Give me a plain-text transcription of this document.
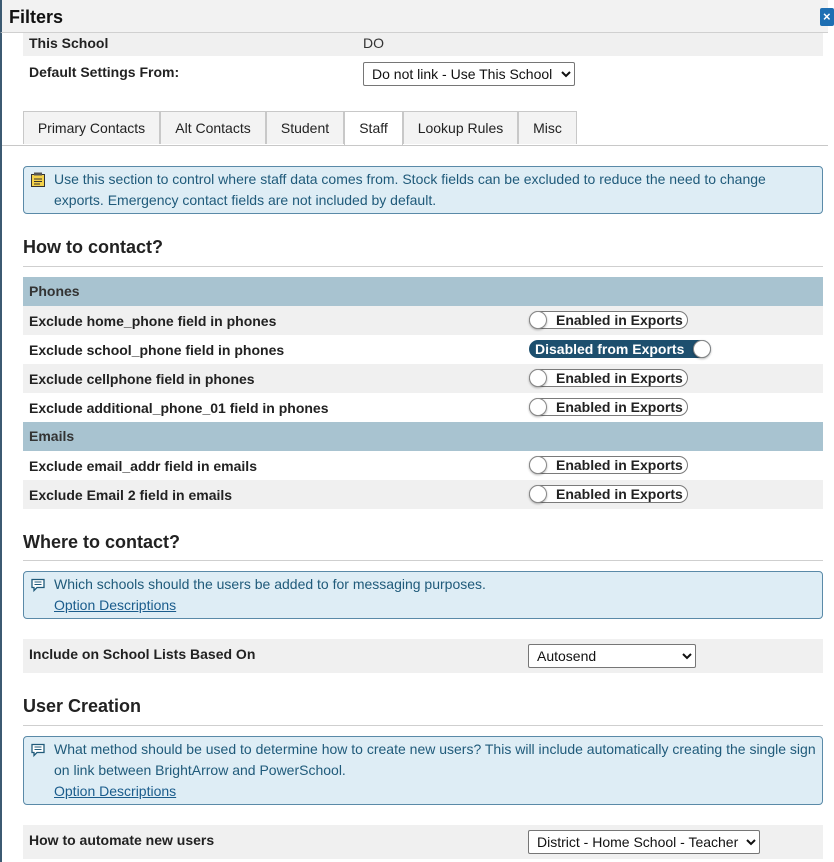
Filters	×
This School	DO
Default Settings From:
Do not link - Use This School
Primary Contacts	Alt Contacts	Student	Staff	Lookup Rules	Misc
Use this section to control where staff data comes from. Stock fields can be excluded to reduce the need to change exports. Emergency contact fields are not included by default.
How to contact?
Phones
Exclude home_phone field in phones	Enabled in Exports
Exclude school_phone field in phones	Disabled from Exports
Exclude cellphone field in phones	Enabled in Exports
Exclude additional_phone_01 field in phones	Enabled in Exports
Emails
Exclude email_addr field in emails	Enabled in Exports
Exclude Email 2 field in emails	Enabled in Exports
Where to contact?
Which schools should the users be added to for messaging purposes.
Option Descriptions
Include on School Lists Based On
Autosend
User Creation
What method should be used to determine how to create new users? This will include automatically creating the single sign on link between BrightArrow and PowerSchool.
Option Descriptions
How to automate new users
District - Home School - Teacher
